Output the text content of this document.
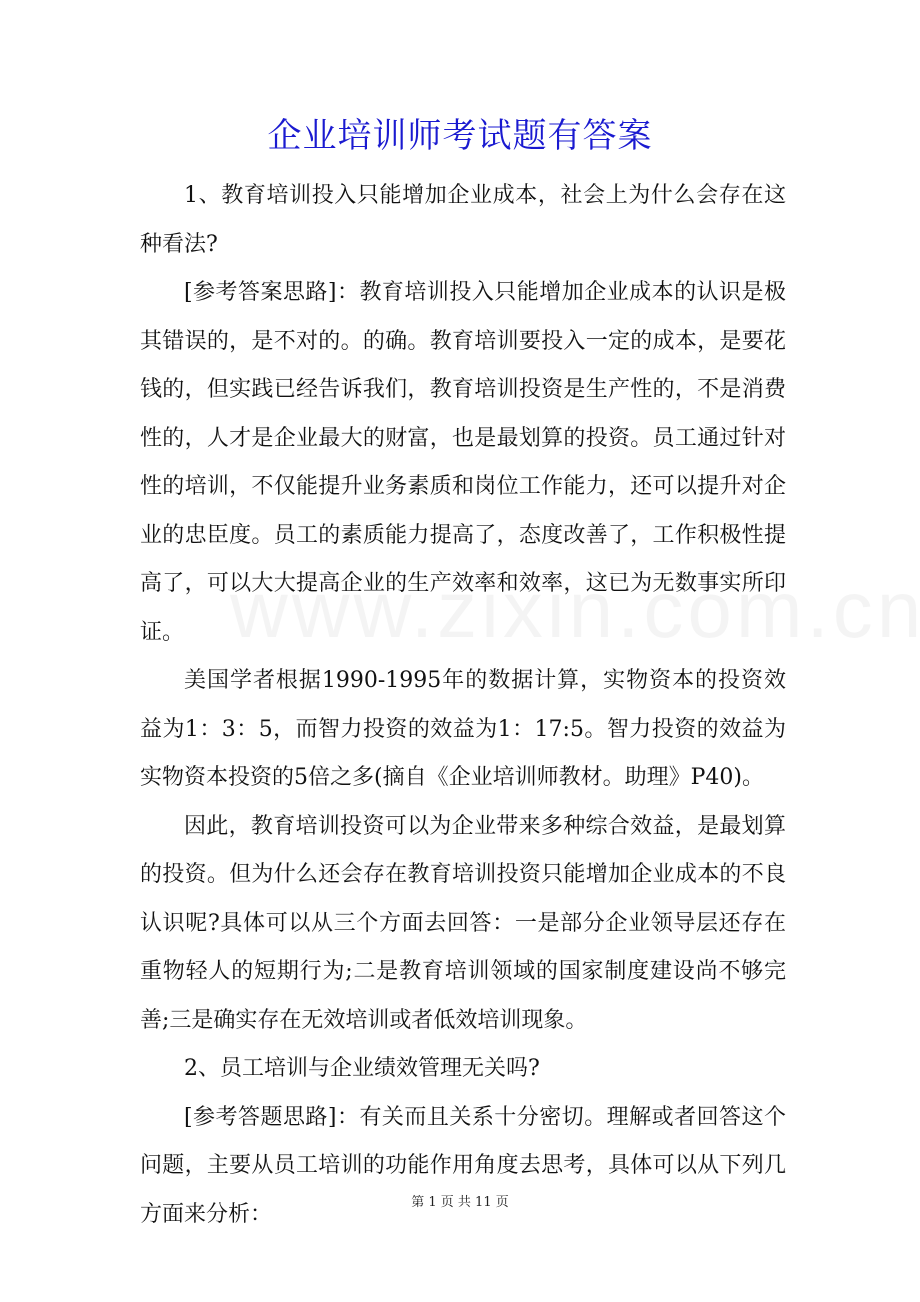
企业培训师考试题有答案

1、教育培训投入只能增加企业成本，社会上为什么会存在这种看法?

[参考答案思路]：教育培训投入只能增加企业成本的认识是极其错误的，是不对的。的确。教育培训要投入一定的成本，是要花钱的，但实践已经告诉我们，教育培训投资是生产性的，不是消费性的，人才是企业最大的财富，也是最划算的投资。员工通过针对性的培训，不仅能提升业务素质和岗位工作能力，还可以提升对企业的忠臣度。员工的素质能力提高了，态度改善了，工作积极性提高了，可以大大提高企业的生产效率和效率，这已为无数事实所印证。

美国学者根据1990-1995年的数据计算，实物资本的投资效益为1：3：5，而智力投资的效益为1：17:5。智力投资的效益为实物资本投资的5倍之多(摘自《企业培训师教材。助理》P40)。

因此，教育培训投资可以为企业带来多种综合效益，是最划算的投资。但为什么还会存在教育培训投资只能增加企业成本的不良认识呢?具体可以从三个方面去回答：一是部分企业领导层还存在重物轻人的短期行为;二是教育培训领域的国家制度建设尚不够完善;三是确实存在无效培训或者低效培训现象。

2、员工培训与企业绩效管理无关吗?

[参考答题思路]：有关而且关系十分密切。理解或者回答这个问题，主要从员工培训的功能作用角度去思考，具体可以从下列几方面来分析：	第 1 页 共 11 页
